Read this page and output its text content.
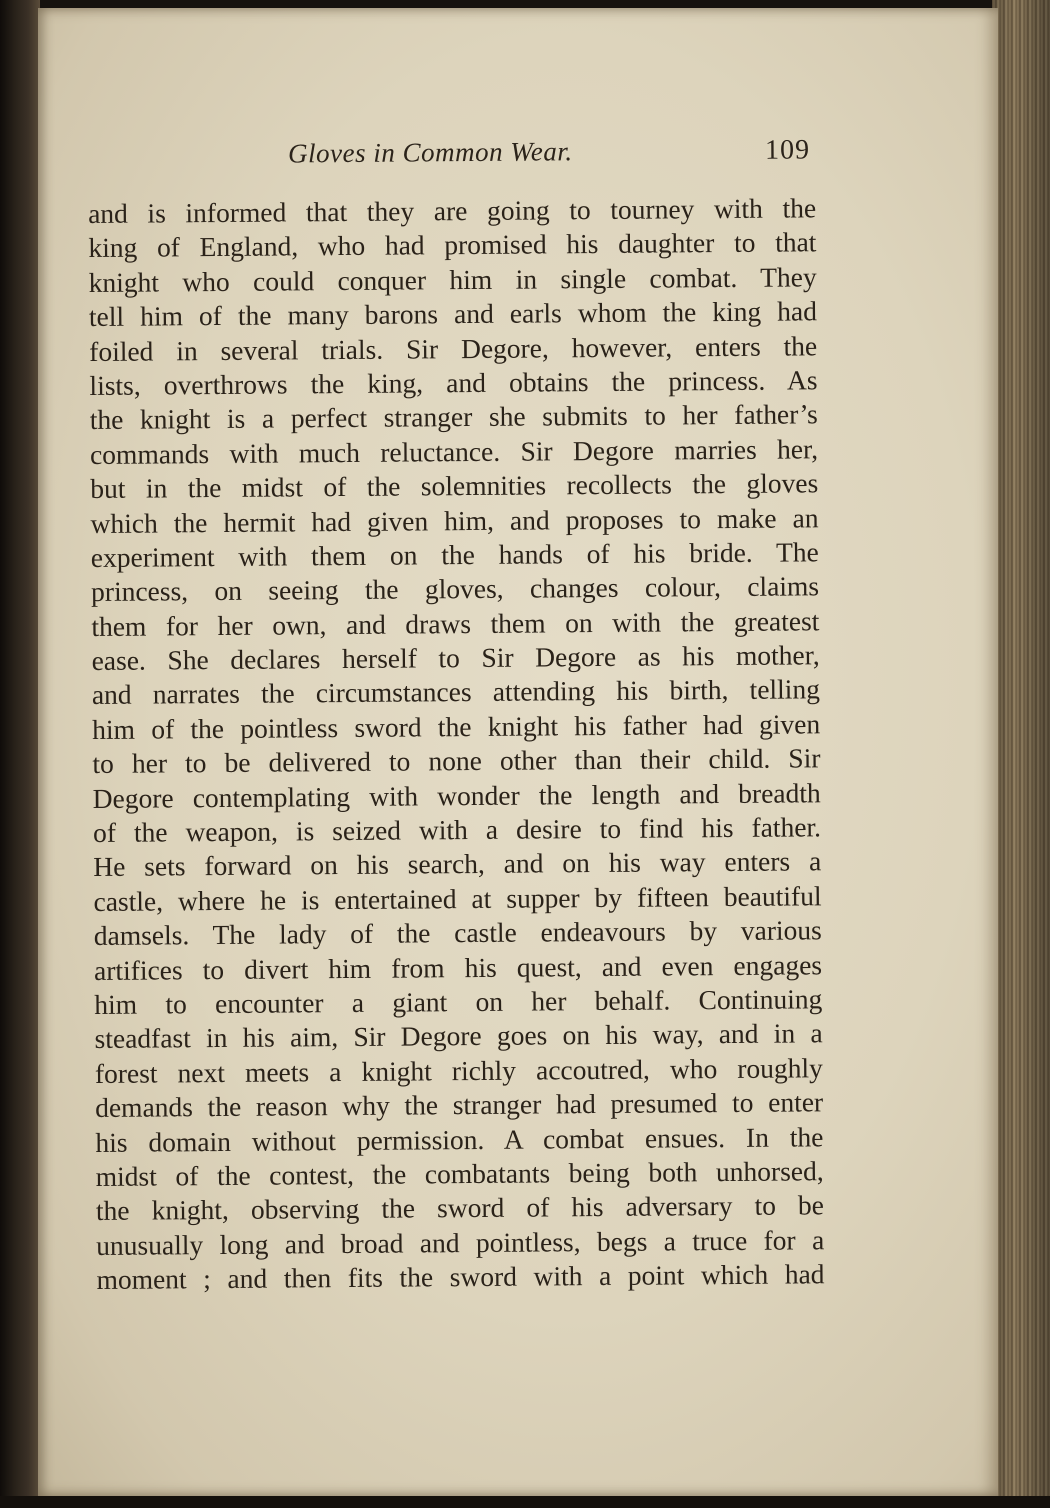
Gloves in Common Wear.	109
and is informed that they are going to tourney with the
king of England, who had promised his daughter to that
knight who could conquer him in single combat. They
tell him of the many barons and earls whom the king had
foiled in several trials. Sir Degore, however, enters the
lists, overthrows the king, and obtains the princess. As
the knight is a perfect stranger she submits to her father’s
commands with much reluctance. Sir Degore marries her,
but in the midst of the solemnities recollects the gloves
which the hermit had given him, and proposes to make an
experiment with them on the hands of his bride. The
princess, on seeing the gloves, changes colour, claims
them for her own, and draws them on with the greatest
ease. She declares herself to Sir Degore as his mother,
and narrates the circumstances attending his birth, telling
him of the pointless sword the knight his father had given
to her to be delivered to none other than their child. Sir
Degore contemplating with wonder the length and breadth
of the weapon, is seized with a desire to find his father.
He sets forward on his search, and on his way enters a
castle, where he is entertained at supper by fifteen beautiful
damsels. The lady of the castle endeavours by various
artifices to divert him from his quest, and even engages
him to encounter a giant on her behalf. Continuing
steadfast in his aim, Sir Degore goes on his way, and in a
forest next meets a knight richly accoutred, who roughly
demands the reason why the stranger had presumed to enter
his domain without permission. A combat ensues. In the
midst of the contest, the combatants being both unhorsed,
the knight, observing the sword of his adversary to be
unusually long and broad and pointless, begs a truce for a
moment ; and then fits the sword with a point which had
